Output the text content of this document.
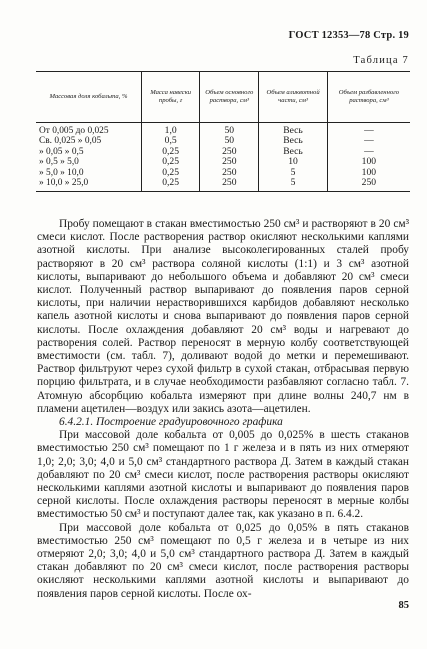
ГОСТ 12353—78 Стр. 19
Таблица 7
Массовая доля кобальта, %	Масса навески пробы, г	Объем основного раствора, см³	Объем аликвотной части, см³	Объем разбавленного раствора, см³
От 0,005 до 0,025	1,0	50	Весь	—
Св. 0,025 » 0,05	0,5	50	Весь	—
» 0,05 » 0,5	0,25	250	Весь	—
» 0,5 » 5,0	0,25	250	10	100
» 5,0 » 10,0	0,25	250	5	100
» 10,0 » 25,0	0,25	250	5	250

Пробу помещают в стакан вместимостью 250 см³ и растворяют в 20 см³ смеси кислот. После растворения раствор окисляют несколькими каплями азотной кислоты. При анализе высоколегированных сталей пробу растворяют в 20 см³ раствора соляной кислоты (1:1) и 3 см³ азотной кислоты, выпаривают до небольшого объема и добавляют 20 см³ смеси кислот. Полученный раствор выпаривают до появления паров серной кислоты, при наличии нерастворившихся карбидов добавляют несколько капель азотной кислоты и снова выпаривают до появления паров серной кислоты. После охлаждения добавляют 20 см³ воды и нагревают до растворения солей. Раствор переносят в мерную колбу соответствующей вместимости (см. табл. 7), доливают водой до метки и перемешивают. Раствор фильтруют через сухой фильтр в сухой стакан, отбрасывая первую порцию фильтрата, и в случае необходимости разбавляют согласно табл. 7. Атомную абсорбцию кобальта измеряют при длине волны 240,7 нм в пламени ацетилен—воздух или закись азота—ацетилен.

6.4.2.1. Построение градуировочного графика

При массовой доле кобальта от 0,005 до 0,025% в шесть стаканов вместимостью 250 см³ помещают по 1 г железа и в пять из них отмеряют 1,0; 2,0; 3,0; 4,0 и 5,0 см³ стандартного раствора Д. Затем в каждый стакан добавляют по 20 см³ смеси кислот, после растворения растворы окисляют несколькими каплями азотной кислоты и выпаривают до появления паров серной кислоты. После охлаждения растворы переносят в мерные колбы вместимостью 50 см³ и поступают далее так, как указано в п. 6.4.2.

При массовой доле кобальта от 0,025 до 0,05% в пять стаканов вместимостью 250 см³ помещают по 0,5 г железа и в четыре из них отмеряют 2,0; 3,0; 4,0 и 5,0 см³ стандартного раствора Д. Затем в каждый стакан добавляют по 20 см³ смеси кислот, после растворения растворы окисляют несколькими каплями азотной кислоты и выпаривают до появления паров серной кислоты. После ох-

85
